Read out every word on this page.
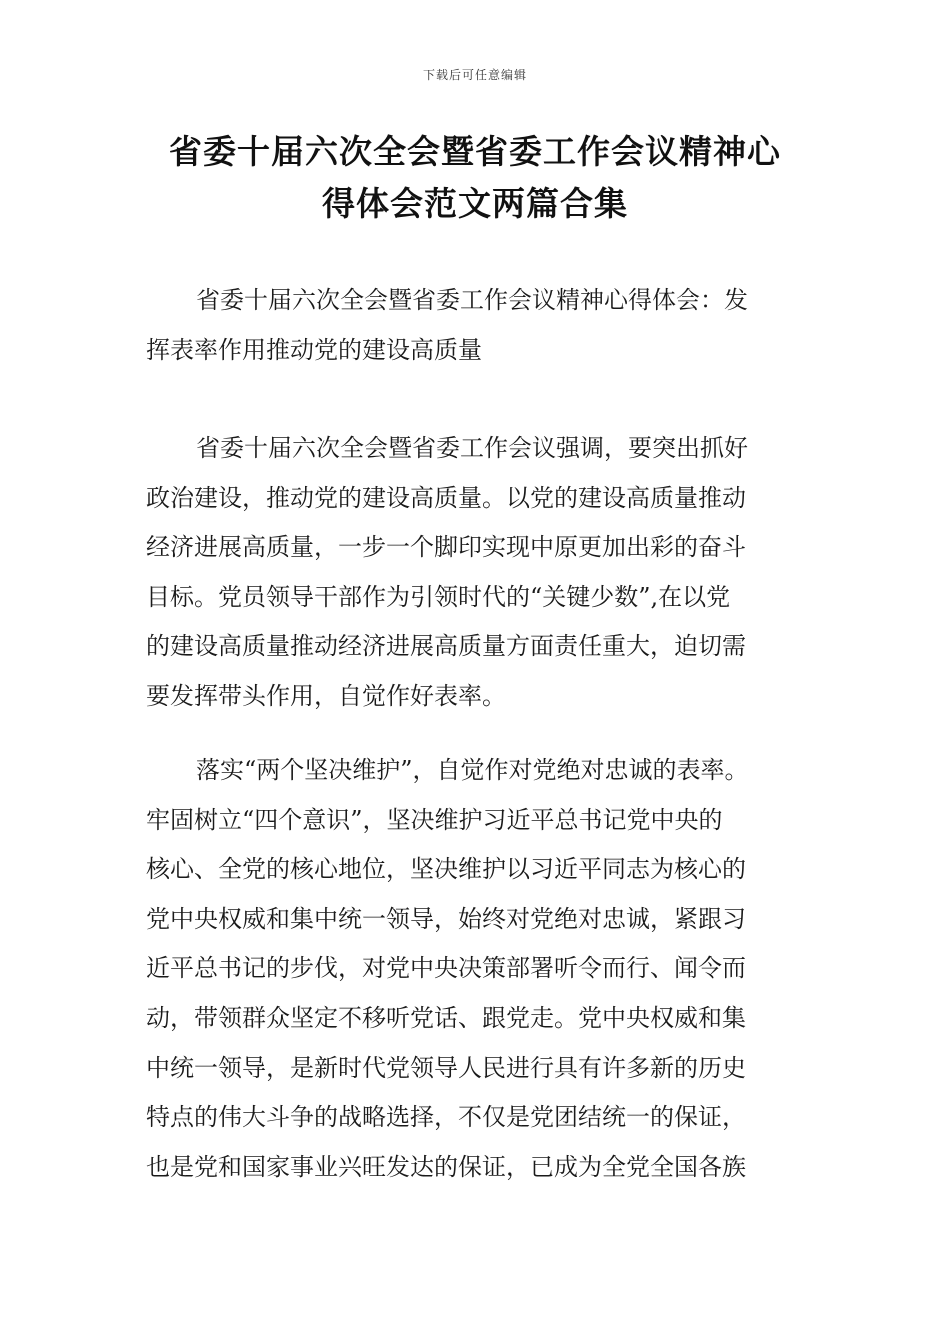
下载后可任意编辑
省委十届六次全会暨省委工作会议精神心
得体会范文两篇合集
省委十届六次全会暨省委工作会议精神心得体会：发
挥表率作用推动党的建设高质量
省委十届六次全会暨省委工作会议强调，要突出抓好
政治建设，推动党的建设高质量。以党的建设高质量推动
经济进展高质量，一步一个脚印实现中原更加出彩的奋斗
目标。党员领导干部作为引领时代的“关键少数”,在以党
的建设高质量推动经济进展高质量方面责任重大，迫切需
要发挥带头作用，自觉作好表率。
落实“两个坚决维护”，自觉作对党绝对忠诚的表率。
牢固树立“四个意识”，坚决维护习近平总书记党中央的
核心、全党的核心地位，坚决维护以习近平同志为核心的
党中央权威和集中统一领导，始终对党绝对忠诚，紧跟习
近平总书记的步伐，对党中央决策部署听令而行、闻令而
动，带领群众坚定不移听党话、跟党走。党中央权威和集
中统一领导，是新时代党领导人民进行具有许多新的历史
特点的伟大斗争的战略选择，不仅是党团结统一的保证，
也是党和国家事业兴旺发达的保证，已成为全党全国各族
